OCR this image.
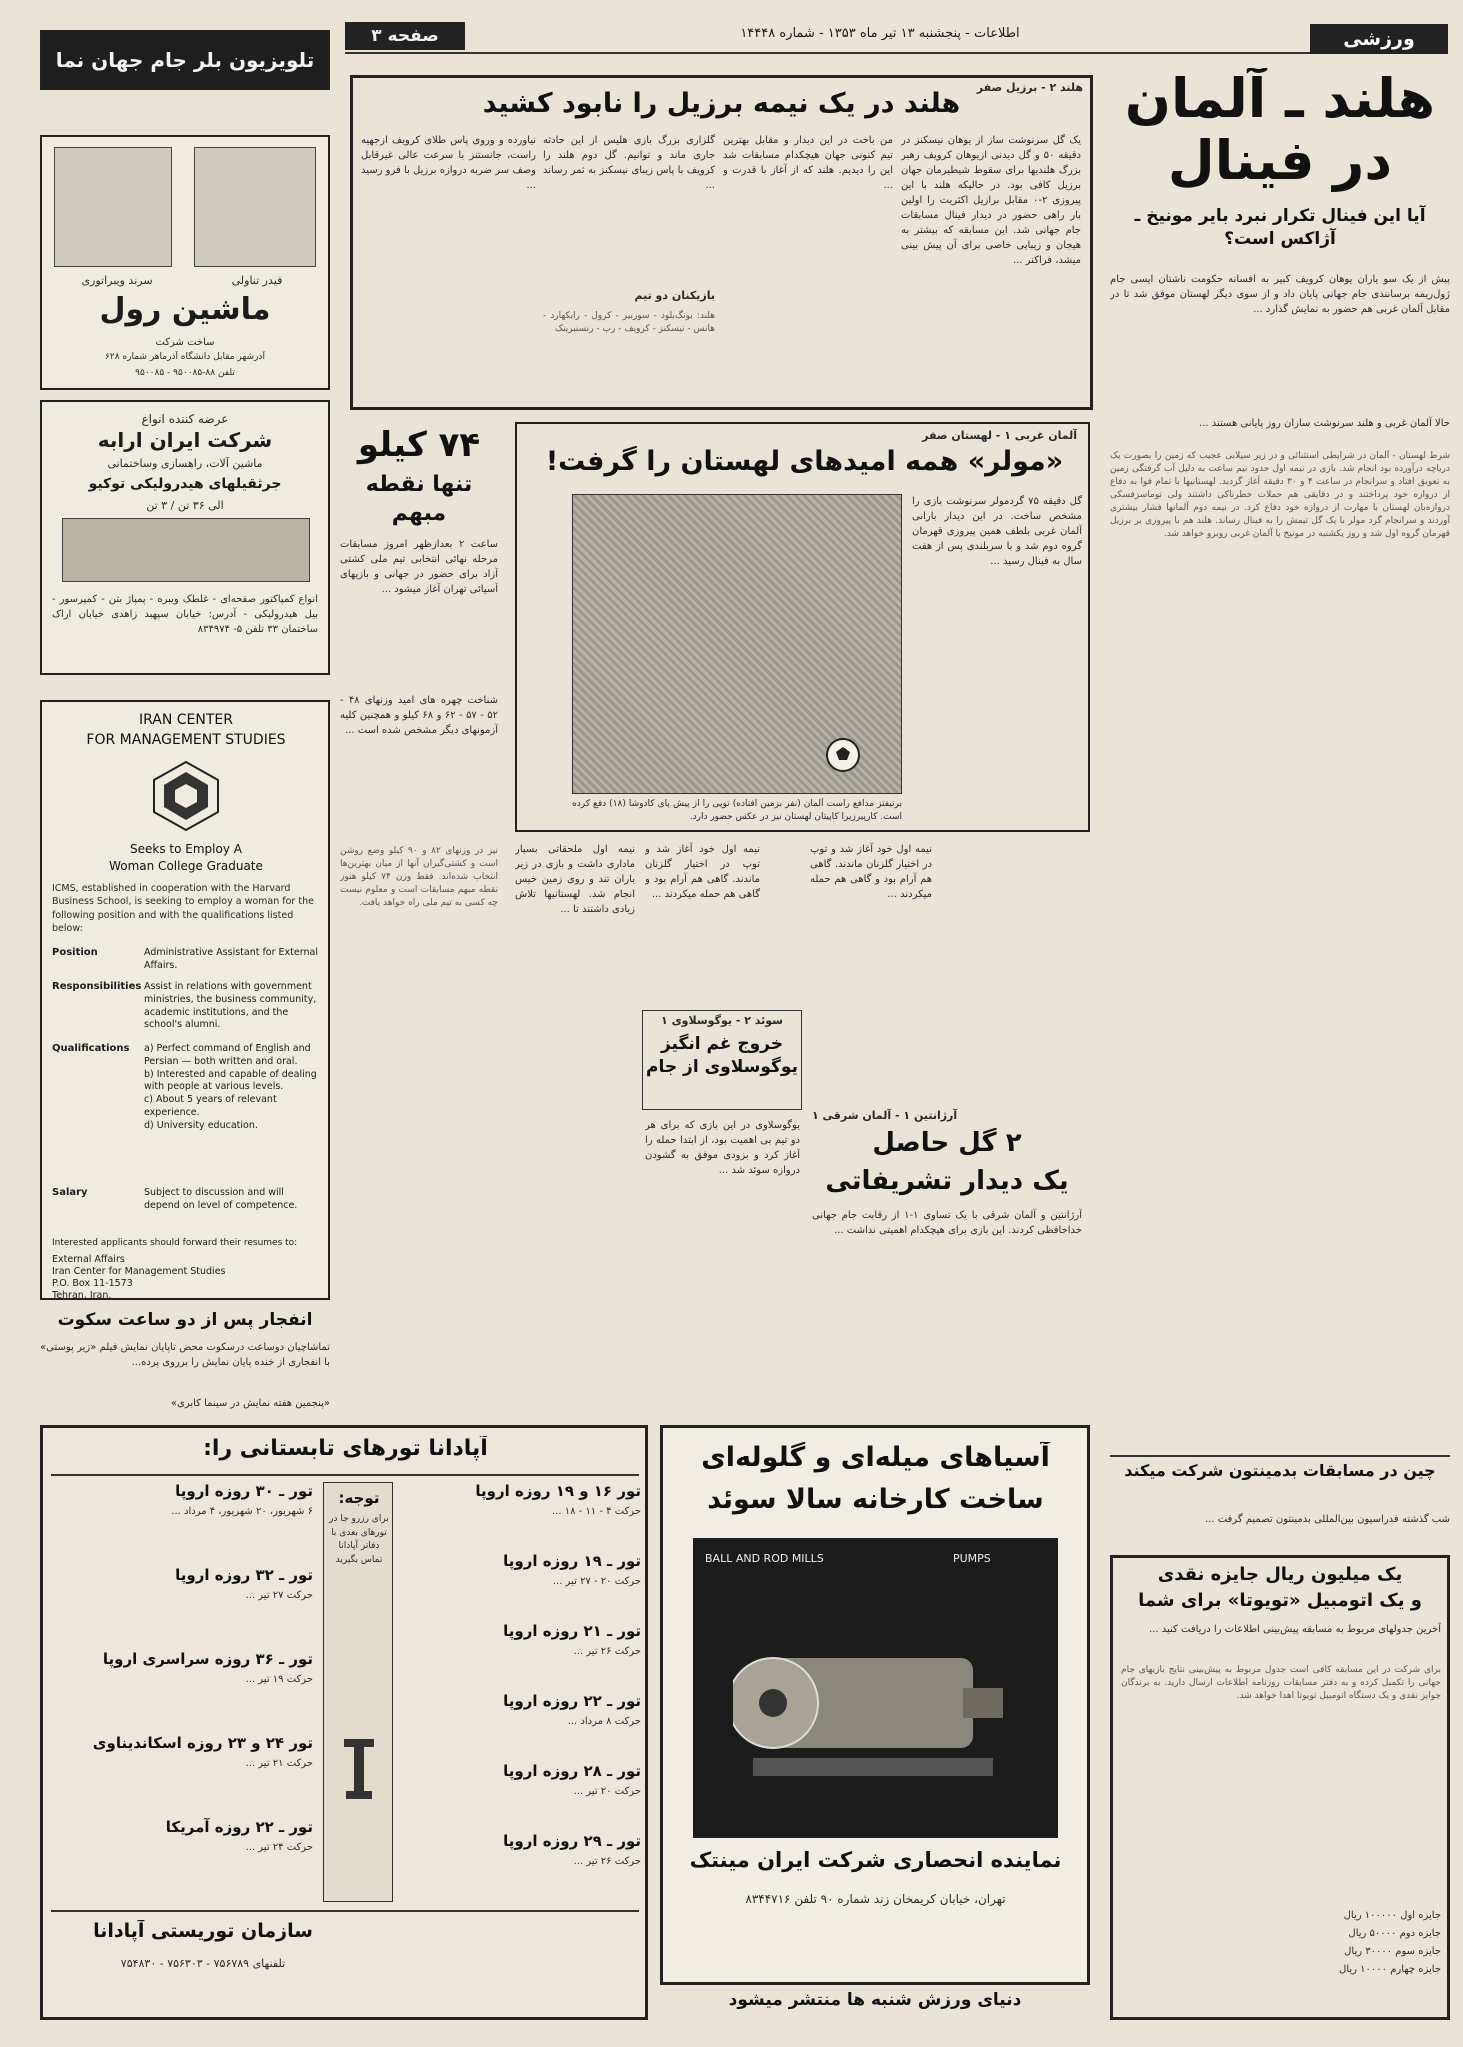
ورزشی
صفحه ۳	اطلاعات - پنجشنبه ۱۳ تیر ماه ۱۳۵۳ - شماره ۱۴۴۴۸
تلویزیون بلر جام جهان نما
سرند ویبراتوری	فیدر تناولی
ماشین رول
ساخت شرکت
آذرشهر مقابل دانشگاه آذرماهر شماره ۶۲۸
تلفن ۸۸-۹۵۰۰۸۵ - ۹۵۰۰۸۵
عرضه کننده انواع
شرکت ایران ارابه
ماشین آلات، راهسازی وساختمانی
جرثقیلهای هیدرولیکی توکیو
الی ۳۶ تن / ۳ تن
انواع کمپاکتور صفحه‌ای - غلطک ویبره - پمپاژ بتن - کمپرسور - بیل هیدرولیکی - آدرس: خیابان سپهبد زاهدی خیابان اراک ساختمان ۳۳ تلفن ۵- ۸۳۴۹۷۴
IRAN CENTER
FOR MANAGEMENT STUDIES
Seeks to Employ A
Woman College Graduate
ICMS, established in cooperation with the Harvard Business School, is seeking to employ a woman for the following position and with the qualifications listed below:
Position	Administrative Assistant for External Affairs.
Responsibilities Assist in relations with government ministries, the business community, academic institutions, and the school's alumni.
Qualifications	a) Perfect command of English and Persian — both written and oral.
b) Interested and capable of dealing with people at various levels.
c) About 5 years of relevant experience.
d) University education.
Salary	Subject to discussion and will depend on level of competence.
Interested applicants should forward their resumes to:
External Affairs
Iran Center for Management Studies
P.O. Box 11-1573
Tehran, Iran.
انفجار پس از دو ساعت سکوت
تماشاچیان دوساعت درسکوت محض تاپایان نمایش فیلم «زیر پوستی» با انفجاری از خنده پایان نمایش را برروی پرده...
«پنجمین هفته نمایش در سینما کابری»
هلند ۲ - برزیل صفر
هلند در یک نیمه برزیل را نابود کشید
یک گل سرنوشت ساز از یوهان نیسکنز در دقیقه ۵۰ و گل دیدنی ازیوهان کرویف رهبر بزرگ هلندیها برای سقوط شیطیرمان جهان برزیل کافی بود. در حالیکه هلند با این پیروزی ۲-۰ مقابل برازیل اکثریت را اولین بار راهی حضور در دیدار فینال مسابقات جام جهانی شد. این مسابقه که بیشتر به هیجان و زیبایی خاصی برای آن پیش بینی میشد، فراکنر ...
من باخت در این دیدار و مقابل بهترین تیم کنونی جهان هیچکدام مسابقات شد این را دیدیم. هلند که از آغاز با قدرت و ...
گلزاری بزرگ بازی هلیس از این حادثه جاری ماند و توانیم. گل دوم هلند را کرویف با پاس زیبای نیسکنز به ثمر رساند ...
بازیکنان دو تیم
نیاورده و وروی پاس طلای کرویف ازجهیه راست، جانستنز با سرعت عالی غیرقابل وصف سر ضربه دروازه برزیل با فرو رسید ...
هلند: یونگ‌بلود - سوربیر - کرول - رایکهارد - هانس - نیسکنز - کرویف - رپ - رنسنبرینک
۷۴ کیلو
تنها نقطه مبهم
ساعت ۲ بعدازظهر امروز مسابقات مرحله نهائی انتخابی تیم ملی کشتی آزاد برای حضور در جهانی و بازیهای آسیائی تهران آغاز میشود ...
شناخت چهره های امید وزنهای ۴۸ - ۵۲ - ۵۷ - ۶۲ و ۶۸ کیلو و همچنین کلیه آزمونهای دیگر مشخص شده است ...
نیز در وزنهای ۸۲ و ۹۰ کیلو وضع روشن است و کشتی‌گیران آنها از میان بهترین‌ها انتخاب شده‌اند. فقط وزن ۷۴ کیلو هنوز نقطه مبهم مسابقات است و معلوم نیست چه کسی به تیم ملی راه خواهد یافت.
آلمان غربی ۱ - لهستان صفر
«مولر» همه امیدهای لهستان را گرفت!
برتیفتز مدافع راست آلمان (نفر بزمین افتاده) توپی را از پیش پای کادوشا (۱۸) دفع کرده است. کارپیرزیرا کاپیتان لهستان نیز در عکس حضور دارد.
گل دقیقه ۷۵ گردمولر سرنوشت بازی را مشخص ساخت. در این دیدار بارانی آلمان غربی بلطف همین پیروزی قهرمان گروه دوم شد و با سربلندی پس از هفت سال به فینال رسید ...
نیمه اول ملحقاتی بسیار ماداری داشت و بازی در زیر باران تند و روی زمین خیس انجام شد. لهستانیها تلاش زیادی داشتند تا ...
نیمه اول خود آغاز شد و توپ در اختیار گلزنان ماندند. گاهی هم آرام بود و گاهی هم حمله میکردند ...
سوئد ۲ - یوگوسلاوی ۱
خروج غم انگیز یوگوسلاوی از جام
یوگوسلاوی در این بازی که برای هر دو تیم بی اهمیت بود، از ابتدا حمله را آغاز کرد و بزودی موفق به گشودن دروازه سوئد شد ...
نیمه اول خود آغاز شد و توپ در اختیار گلزنان ماندند. گاهی هم آرام بود و گاهی هم حمله میکردند ...
آرژانتین ۱ - آلمان شرقی ۱
۲ گل حاصل
یک دیدار تشریفاتی
آرژانتین و آلمان شرقی با یک تساوی ۱-۱ از رقابت جام جهانی خداحافظی کردند. این بازی برای هیچکدام اهمیتی نداشت ...
هلند ـ آلمان در فینال
آیا این فینال تکرار نبرد بایر مونیخ ـ آژاکس است؟
پیش از یک سو یاران یوهان کرویف کبیر به افسانه حکومت ناشتان ایسی جام ژول‌ریمه برسانندی جام جهانی پایان داد و از سوی دیگر لهستان موفق شد تا در مقابل آلمان غربی هم حضور به نمایش گذارد ...
حالا آلمان غربی و هلند سرنوشت سازان روز پایانی هستند ...
شرط لهستان - آلمان در شرایطی استثنائی و در زیر سیلابی عجیب که زمین را بصورت یک دریاچه درآورده بود انجام شد. بازی در نیمه اول حدود نیم ساعت به دلیل آب گرفتگی زمین به تعویق افتاد و سرانجام در ساعت ۴ و ۳۰ دقیقه آغاز گردید. لهستانیها با تمام قوا به دفاع از دروازه خود پرداختند و در دقایقی هم حملات خطرناکی داشتند ولی توماسزفسکی دروازه‌بان لهستان با مهارت از دروازه خود دفاع کرد. در نیمه دوم آلمانها فشار بیشتری آوردند و سرانجام گرد مولر با یک گل تیمش را به فینال رساند. هلند هم با پیروزی بر برزیل قهرمان گروه اول شد و روز یکشنبه در مونیخ با آلمان غربی روبرو خواهد شد.
چین در مسابقات بدمینتون شرکت میکند
شب گذشته فدراسیون بین‌المللی بدمینتون تصمیم گرفت ...
یک میلیون ریال جایزه نقدی
و یک اتومبیل «تویوتا» برای شما
آخرین جدولهای مربوط به مسابقه پیش‌بینی اطلاعات را دریافت کنید ...
برای شرکت در این مسابقه کافی است جدول مربوط به پیش‌بینی نتایج بازیهای جام جهانی را تکمیل کرده و به دفتر مسابقات روزنامه اطلاعات ارسال دارید. به برندگان جوایز نقدی و یک دستگاه اتومبیل تویوتا اهدا خواهد شد.
جایزه اول ۱۰۰۰۰۰ ریال
جایزه دوم ۵۰۰۰۰ ریال
جایزه سوم ۳۰۰۰۰ ریال
جایزه چهارم ۱۰۰۰۰ ریال
آپادانا تورهای تابستانی را:
تور ـ ۳۰ روزه اروپا
۶ شهریور، ۲۰ شهریور، ۴ مرداد ...
تور ـ ۳۲ روزه اروپا
حرکت ۲۷ تیر ...
تور ـ ۳۶ روزه سراسری اروپا
حرکت ۱۹ تیر ...
تور ۲۴ و ۲۳ روزه اسکاندیناوی
حرکت ۲۱ تیر ...
تور ـ ۲۲ روزه آمریکا
حرکت ۲۴ تیر ...
توجه:
برای رزرو جا در تورهای بعدی با دفاتر آپادانا تماس بگیرید
تور ۱۶ و ۱۹ روزه اروپا
حرکت ۴ - ۱۱ - ۱۸ ...
تور ـ ۱۹ روزه اروپا
حرکت ۲۰ - ۲۷ تیر ...
تور ـ ۲۱ روزه اروپا
حرکت ۲۶ تیر ...
تور ـ ۲۲ روزه اروپا
حرکت ۸ مرداد ...
تور ـ ۲۸ روزه اروپا
حرکت ۲۰ تیر ...
تور ـ ۲۹ روزه اروپا
حرکت ۲۶ تیر ...
سازمان توریستی آپادانا
تلفنهای ۷۵۶۷۸۹ - ۷۵۶۳۰۳ - ۷۵۴۸۳۰
آسیاهای میله‌ای و گلوله‌ای
ساخت کارخانه سالا سوئد
BALL AND ROD MILLS	PUMPS
نماینده انحصاری شرکت ایران مینتک
تهران، خیابان کریمخان زند شماره ۹۰ تلفن ۸۳۴۴۷۱۶
دنیای ورزش شنبه ها منتشر میشود
